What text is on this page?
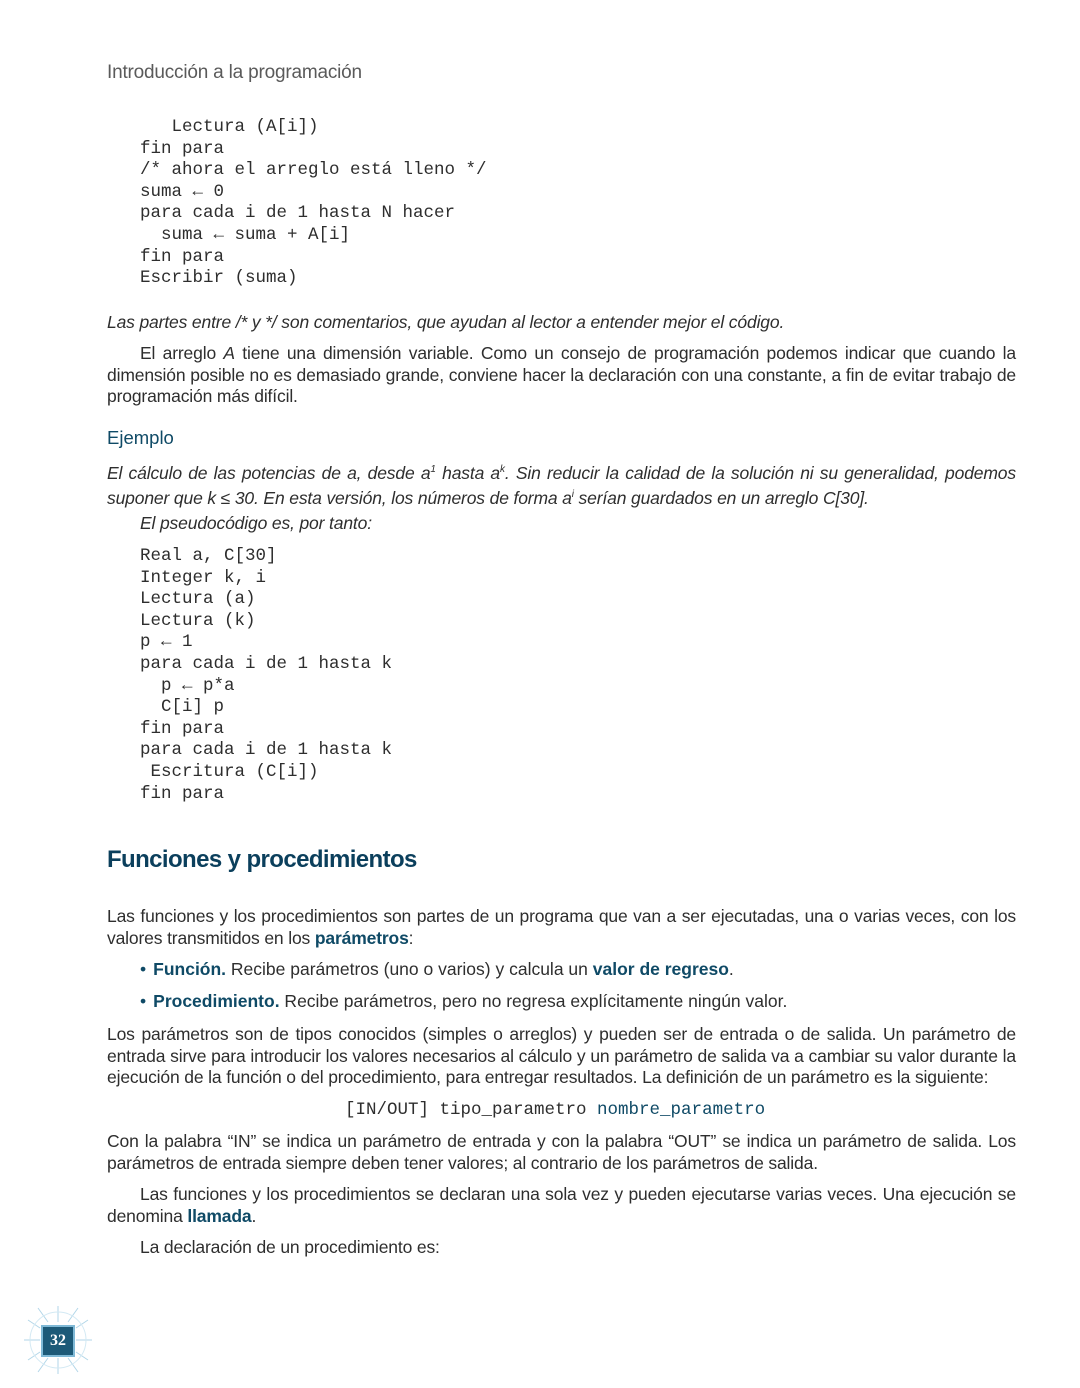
Introducción a la programación
Lectura (A[i])
fin para
/* ahora el arreglo está lleno */
suma ← 0
para cada i de 1 hasta N hacer
suma ← suma + A[i]
fin para
Escribir (suma)

Las partes entre /* y */ son comentarios, que ayudan al lector a entender mejor el código.

El arreglo A tiene una dimensión variable. Como un consejo de programación podemos indicar que cuando la dimensión posible no es demasiado grande, conviene hacer la declaración con una constante, a fin de evitar trabajo de programación más difícil.

Ejemplo

El cálculo de las potencias de a, desde $a^1$ hasta $a^k$. Sin reducir la calidad de la solución ni su generalidad, podemos suponer que k ≤ 30. En esta versión, los números de forma $a^i$ serían guardados en un arreglo C[30].

El pseudocódigo es, por tanto:

Real a, C[30]
Integer k, i
Lectura (a)
Lectura (k)
p ← 1
para cada i de 1 hasta k
p ← p*a
C[i] p
fin para
para cada i de 1 hasta k
Escritura (C[i])
fin para
Funciones y procedimientos

Las funciones y los procedimientos son partes de un programa que van a ser ejecutadas, una o varias veces, con los valores transmitidos en los parámetros:

• Función. Recibe parámetros (uno o varios) y calcula un valor de regreso.
• Procedimiento. Recibe parámetros, pero no regresa explícitamente ningún valor.

Los parámetros son de tipos conocidos (simples o arreglos) y pueden ser de entrada o de salida. Un parámetro de entrada sirve para introducir los valores necesarios al cálculo y un parámetro de salida va a cambiar su valor durante la ejecución de la función o del procedimiento, para entregar resultados. La definición de un parámetro es la siguiente:

[IN/OUT] tipo_parametro nombre_parametro

Con la palabra “IN” se indica un parámetro de entrada y con la palabra “OUT” se indica un parámetro de salida. Los parámetros de entrada siempre deben tener valores; al contrario de los parámetros de salida.

Las funciones y los procedimientos se declaran una sola vez y pueden ejecutarse varias veces. Una ejecución se denomina llamada.

La declaración de un procedimiento es:

32
